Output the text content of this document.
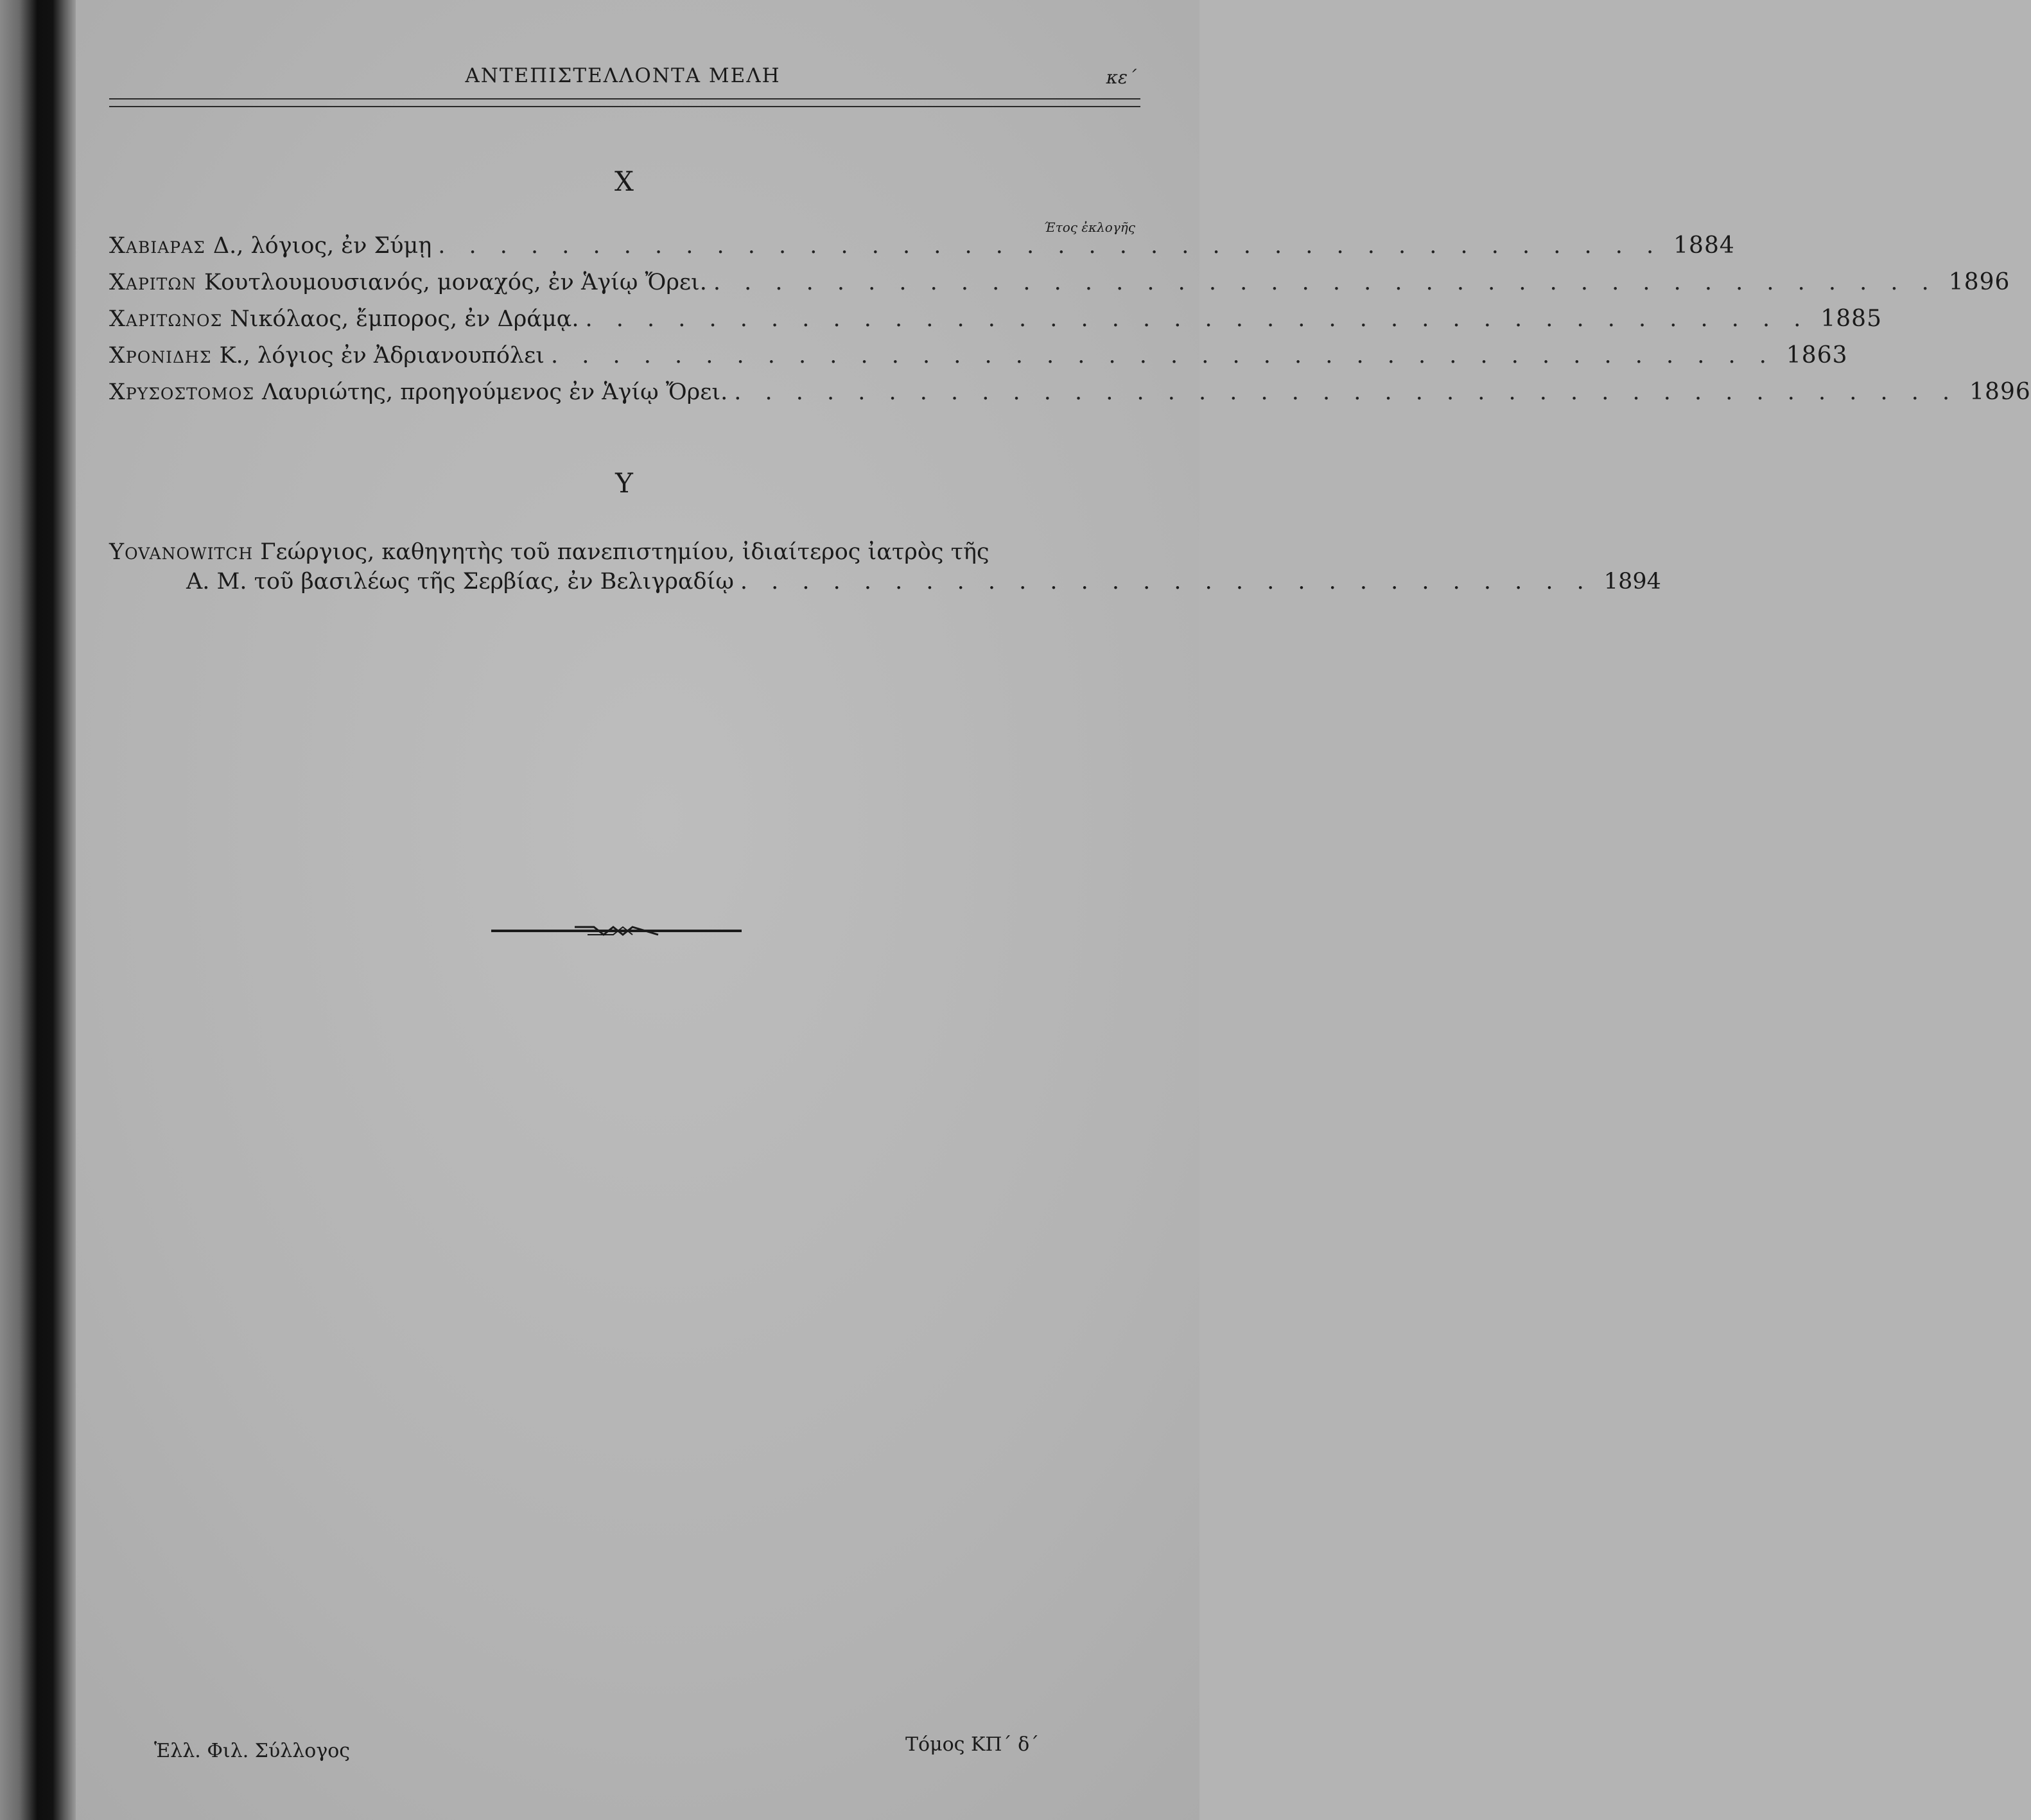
ΑΝΤΕΠΙΣΤΕΛΛΟΝΤΑ ΜΕΛΗ	κε΄
Χ
Έτος ἐκλογῆς
Χαβιαρας Δ., λόγιος, ἐν Σύμῃ . . . . . . . . . . . . . . . . . . . . . . . . . . . . . . . . . . . . . . . . 1884
Χαριτων Κουτλουμουσιανός, μοναχός, ἐν Ἁγίῳ Ὄρει. . . . . . . . . . . . . . . . . . . . . . . . . . . . . . . . . . . . . . . . . 1896
Χαριτωνος Νικόλαος, ἔμπορος, ἐν Δράμᾳ. . . . . . . . . . . . . . . . . . . . . . . . . . . . . . . . . . . . . . . . . 1885
Χρονιδης Κ., λόγιος ἐν Ἀδριανουπόλει . . . . . . . . . . . . . . . . . . . . . . . . . . . . . . . . . . . . . . . . 1863
Χρυσοστομος Λαυριώτης, προηγούμενος ἐν Ἁγίῳ Ὄρει. . . . . . . . . . . . . . . . . . . . . . . . . . . . . . . . . . . . . . . . . 1896
Υ
Yovanowitch Γεώργιος, καθηγητὴς τοῦ πανεπιστημίου, ἰδιαίτερος ἰατρὸς τῆς
Α. Μ. τοῦ βασιλέως τῆς Σερβίας, ἐν Βελιγραδίῳ . . . . . . . . . . . . . . . . . . . . . . . . . . . . 1894
Ἑλλ. Φιλ. Σύλλογος	Τόμος ΚΠ΄ δ΄
